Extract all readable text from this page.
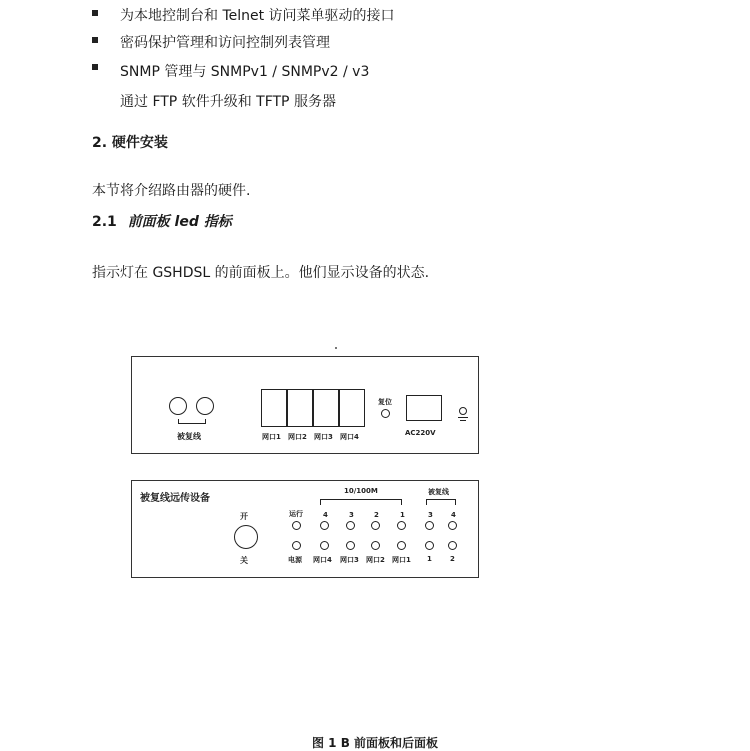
为本地控制台和 Telnet 访问菜单驱动的接口
密码保护管理和访问控制列表管理
SNMP 管理与 SNMPv1 / SNMPv2 / v3
通过 FTP 软件升级和 TFTP 服务器
2. 硬件安装
本节将介绍路由器的硬件.
2.1 前面板 led 指标
指示灯在 GSHDSL 的前面板上。他们显示设备的状态.
被复线	网口1 网口2 网口3 网口4
复位
AC220V
被复线远传设备
开
关
10/100M	被复线
运行	4	3	2	1	3	4
电源 网口4 网口3 网口2 网口1 1	2
图 1 B 前面板和后面板
